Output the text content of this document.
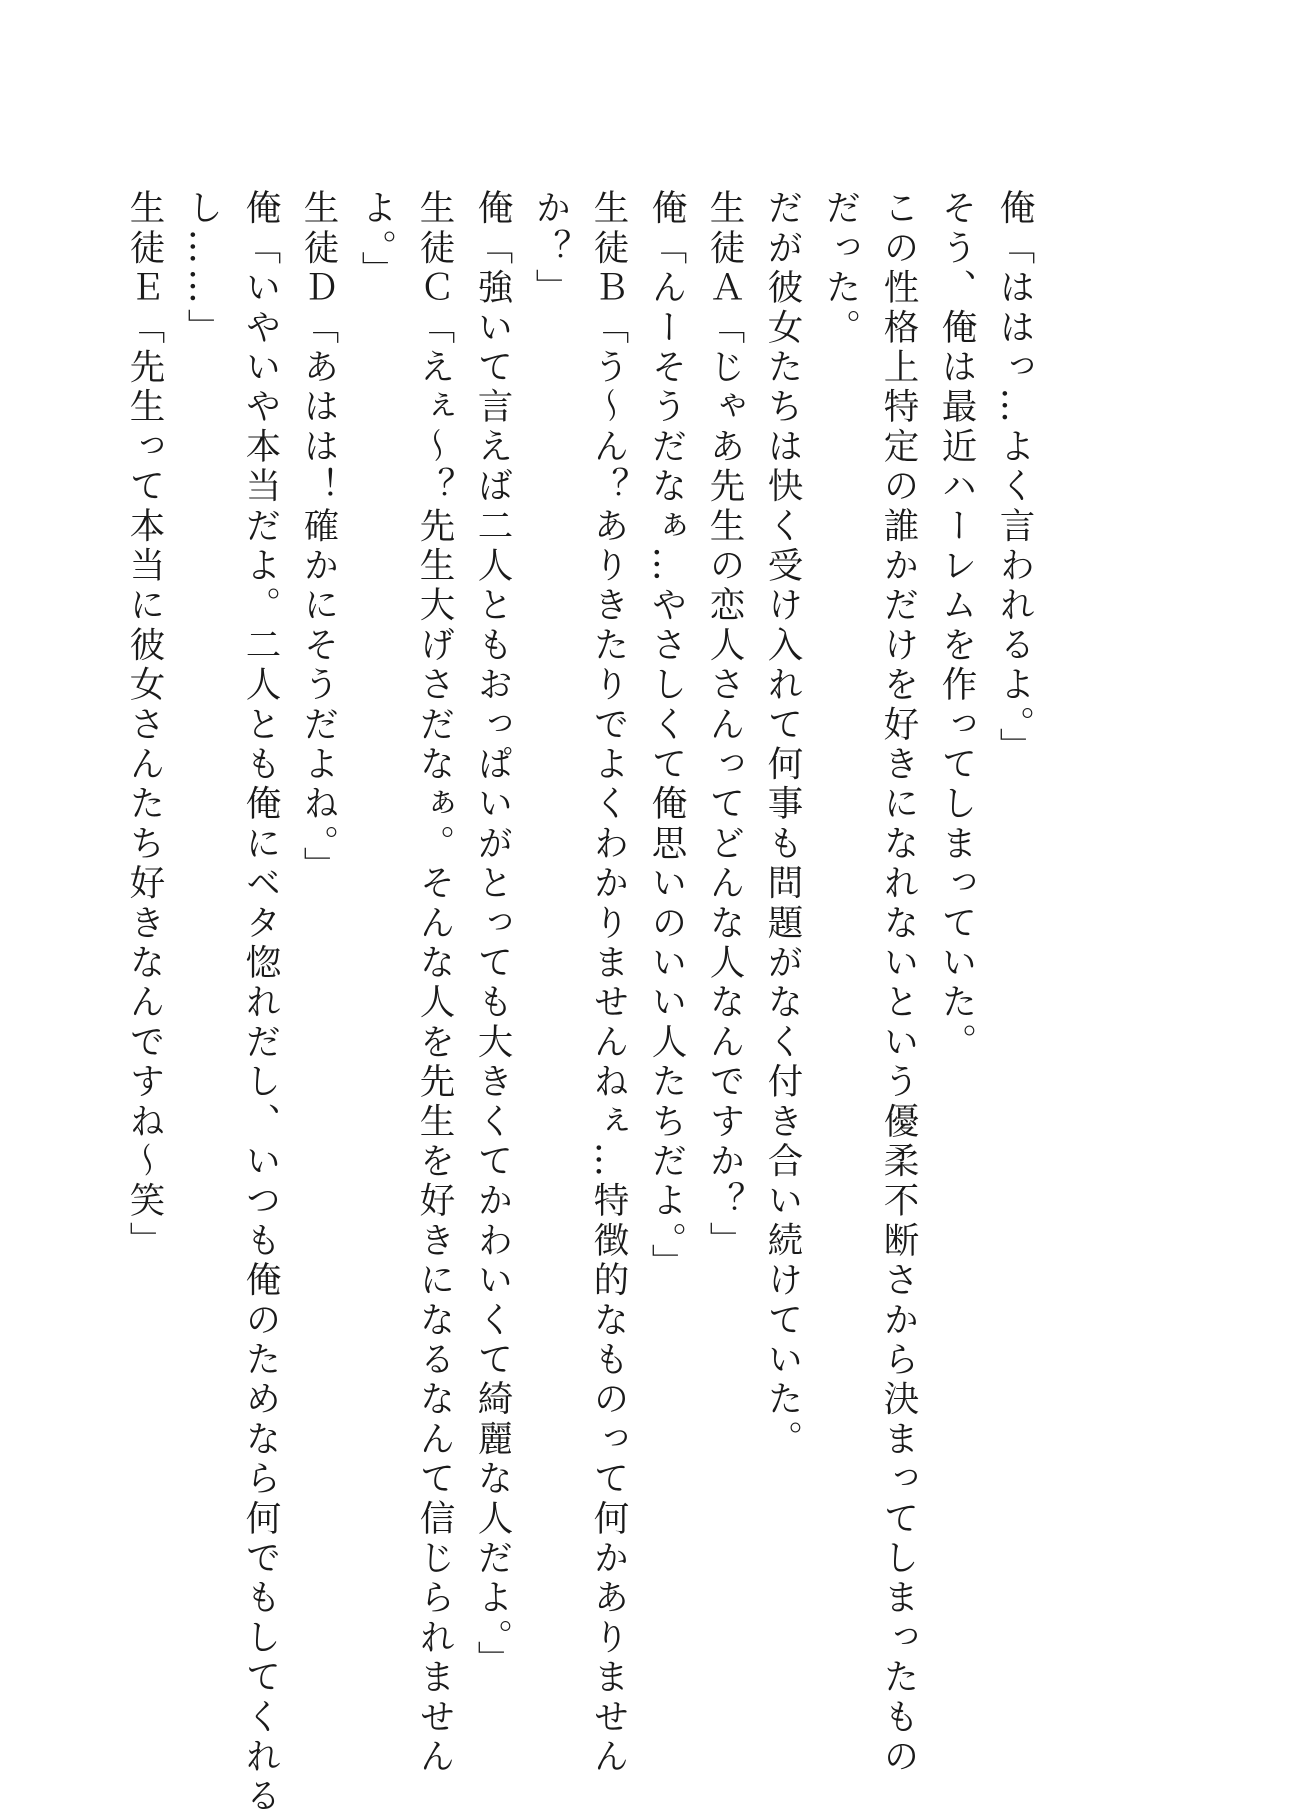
俺「ははっ…よく言われるよ。」
そう、俺は最近ハーレムを作ってしまっていた。
この性格上特定の誰かだけを好きになれないという優柔不断さから決まってしまったもの
だった。
だが彼女たちは快く受け入れて何事も問題がなく付き合い続けていた。
生徒Ａ「じゃあ先生の恋人さんってどんな人なんですか？」
俺「んーそうだなぁ…やさしくて俺思いのいい人たちだよ。」
生徒Ｂ「う〜ん？ありきたりでよくわかりませんねぇ…特徴的なものって何かありません
か？」
俺「強いて言えば二人ともおっぱいがとっても大きくてかわいくて綺麗な人だよ。」
生徒Ｃ「えぇ〜？先生大げさだなぁ。そんな人を先生を好きになるなんて信じられません
よ。」
生徒Ｄ「あはは！確かにそうだよね。」
俺「いやいや本当だよ。二人とも俺にベタ惚れだし、いつも俺のためなら何でもしてくれる
し……」
生徒Ｅ「先生って本当に彼女さんたち好きなんですね〜笑」
